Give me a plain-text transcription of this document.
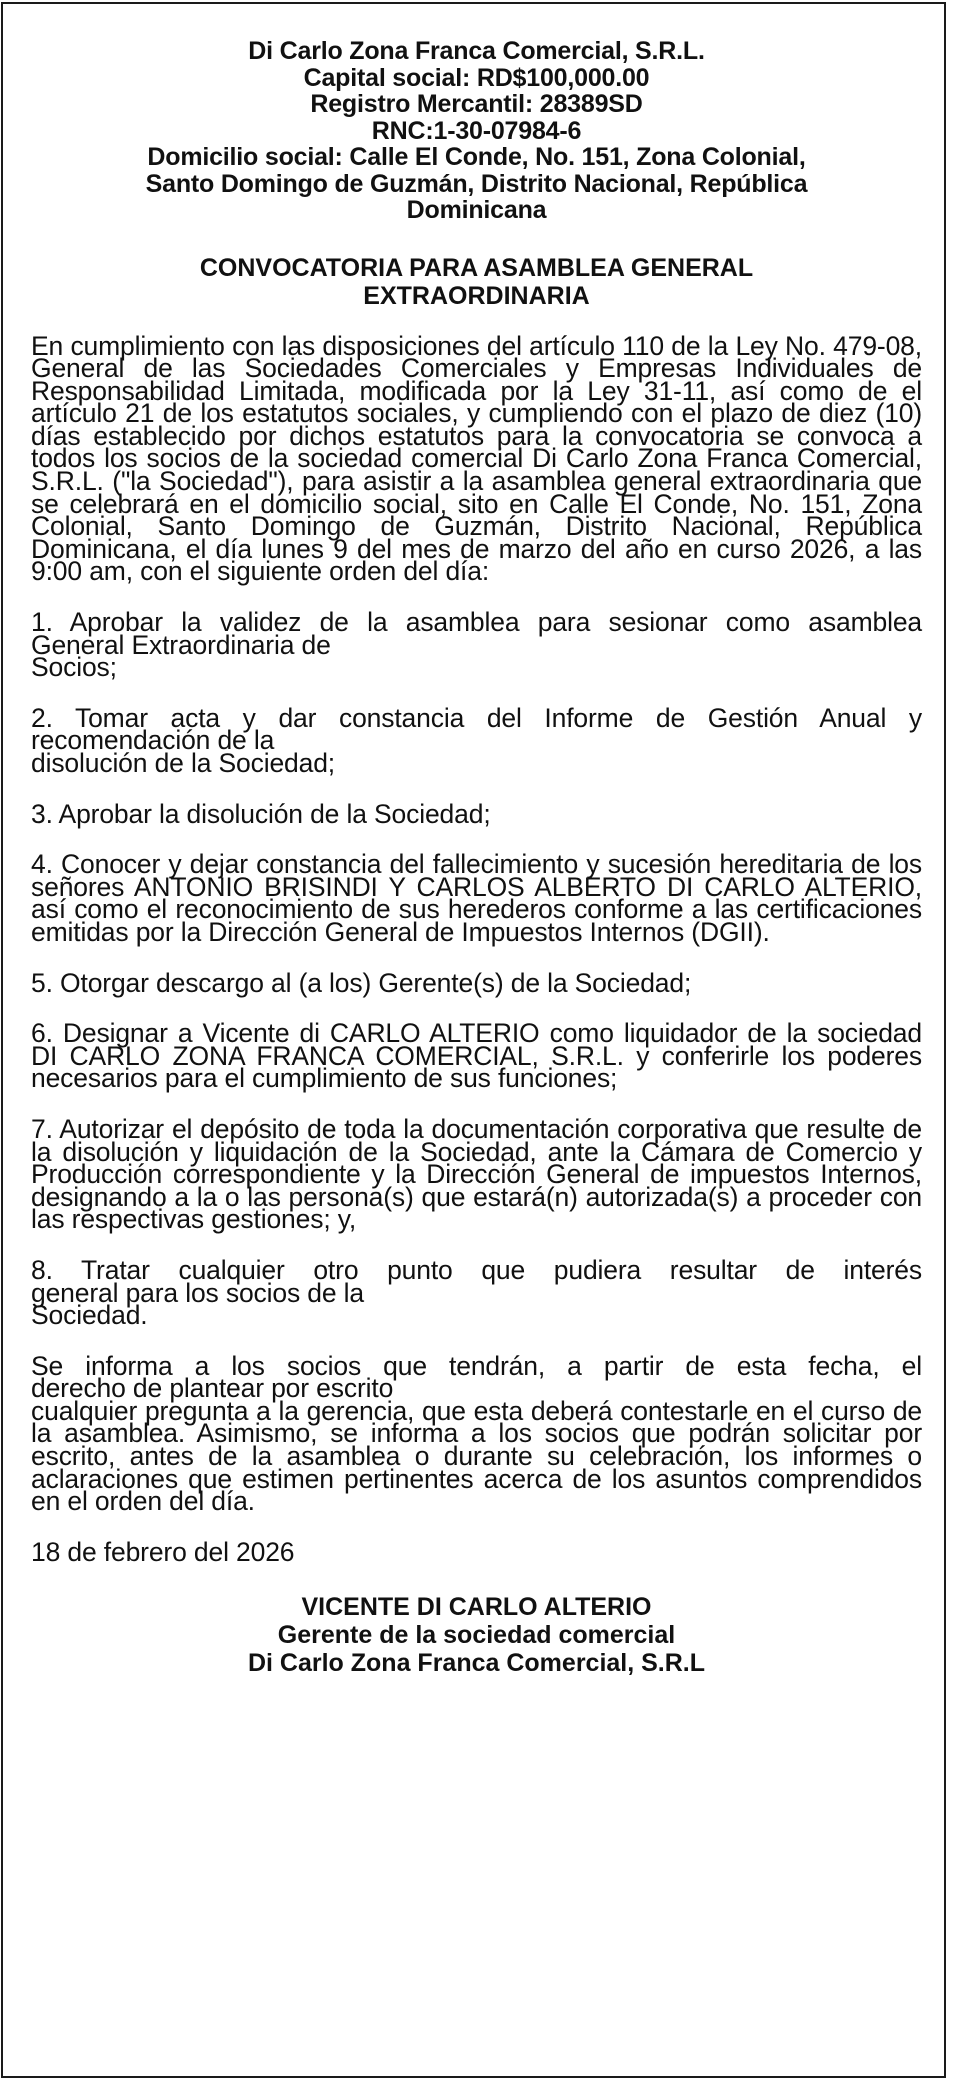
Di Carlo Zona Franca Comercial, S.R.L.
Capital social: RD$100,000.00
Registro Mercantil: 28389SD
RNC:1-30-07984-6
Domicilio social: Calle El Conde, No. 151, Zona Colonial,
Santo Domingo de Guzmán, Distrito Nacional, República
Dominicana
CONVOCATORIA PARA ASAMBLEA GENERAL
EXTRAORDINARIA

En cumplimiento con las disposiciones del artículo 110 de la Ley No. 479-08, General de las Sociedades Comerciales y Empresas Individuales de Responsabilidad Limitada, modificada por la Ley 31-11, así como de el artículo 21 de los estatutos sociales, y cumpliendo con el plazo de diez (10) días establecido por dichos estatutos para la convocatoria se convoca a todos los socios de la sociedad comercial Di Carlo Zona Franca Comercial, S.R.L. ("la Sociedad"), para asistir a la asamblea general extraordinaria que se celebrará en el domicilio social, sito en Calle El Conde, No. 151, Zona Colonial, Santo Domingo de Guzmán, Distrito Nacional, República Dominicana, el día lunes 9 del mes de marzo del año en curso 2026, a las 9:00 am, con el siguiente orden del día:

1. Aprobar la validez de la asamblea para sesionar como asamblea
General Extraordinaria de
Socios;
2. Tomar acta y dar constancia del Informe de Gestión Anual y
recomendación de la
disolución de la Sociedad;
3. Aprobar la disolución de la Sociedad;
4. Conocer y dejar constancia del fallecimiento y sucesión hereditaria de los señores ANTONIO BRISINDI Y CARLOS ALBERTO DI CARLO ALTERIO, así como el reconocimiento de sus herederos conforme a las certificaciones emitidas por la Dirección General de Impuestos Internos (DGII).
5. Otorgar descargo al (a los) Gerente(s) de la Sociedad;
6. Designar a Vicente di CARLO ALTERIO como liquidador de la sociedad DI CARLO ZONA FRANCA COMERCIAL, S.R.L. y conferirle los poderes necesarios para el cumplimiento de sus funciones;
7. Autorizar el depósito de toda la documentación corporativa que resulte de la disolución y liquidación de la Sociedad, ante la Cámara de Comercio y Producción correspondiente y la Dirección General de impuestos Internos, designando a la o las persona(s) que estará(n) autorizada(s) a proceder con las respectivas gestiones; y,
8. Tratar cualquier otro punto que pudiera resultar de interés
general para los socios de la
Sociedad.
Se informa a los socios que tendrán, a partir de esta fecha, el
derecho de plantear por escrito
cualquier pregunta a la gerencia, que esta deberá contestarle en el curso de la asamblea. Asimismo, se informa a los socios que podrán solicitar por escrito, antes de la asamblea o durante su celebración, los informes o aclaraciones que estimen pertinentes acerca de los asuntos comprendidos en el orden del día.

18 de febrero del 2026

VICENTE DI CARLO ALTERIO
Gerente de la sociedad comercial
Di Carlo Zona Franca Comercial, S.R.L
